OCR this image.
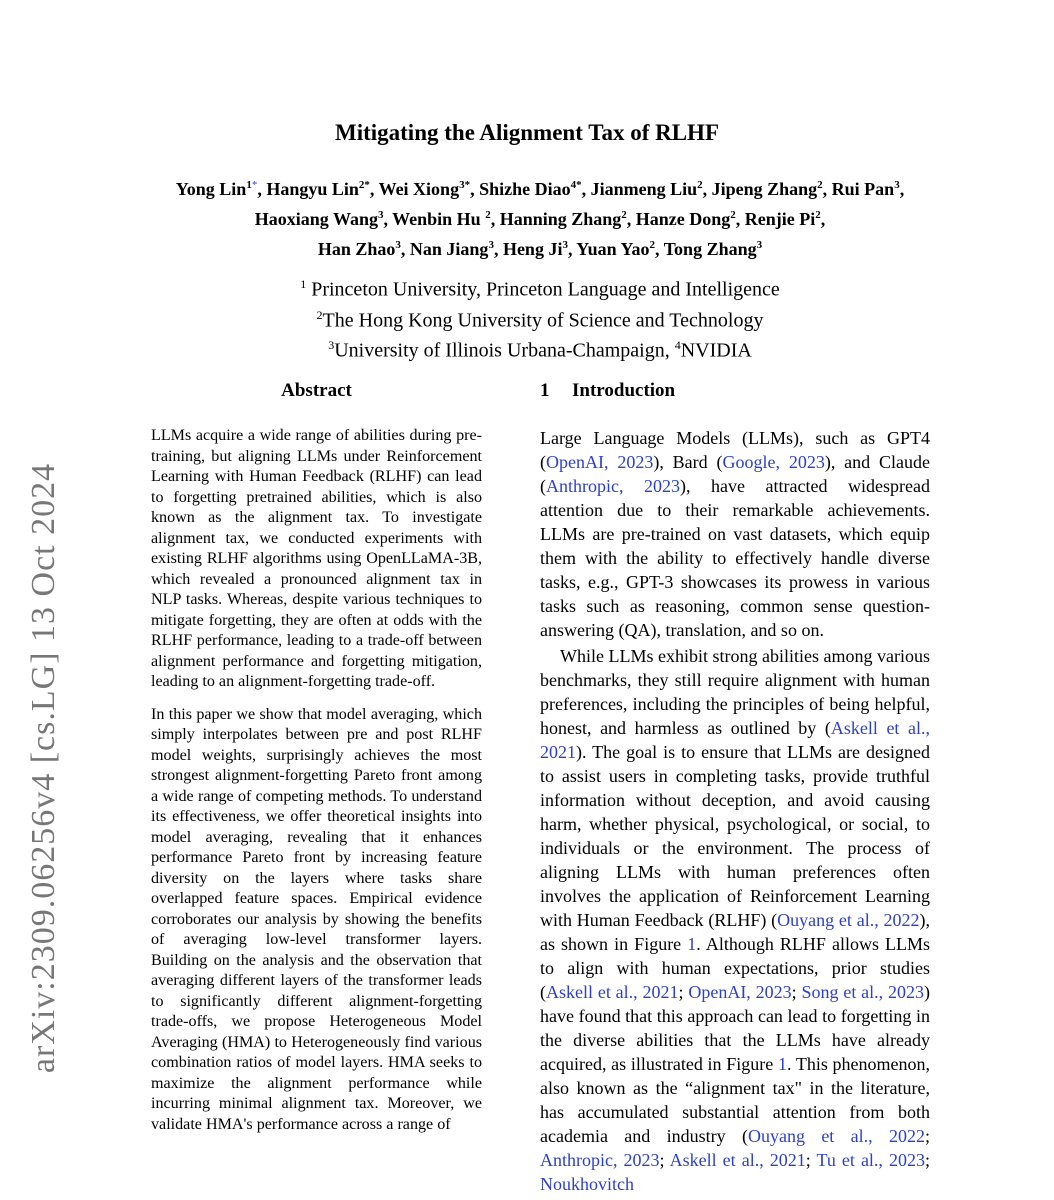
arXiv:2309.06256v4 [cs.LG] 13 Oct 2024
Mitigating the Alignment Tax of RLHF
Yong Lin$^{1*}$, Hangyu Lin$^{2*}$, Wei Xiong$^{3*}$, Shizhe Diao$^{4*}$, Jianmeng Liu$^2$, Jipeng Zhang$^2$, Rui Pan$^3$,
Haoxiang Wang$^3$, Wenbin Hu $^2$, Hanning Zhang$^2$, Hanze Dong$^2$, Renjie Pi$^2$,
Han Zhao$^3$, Nan Jiang$^3$, Heng Ji$^3$, Yuan Yao$^2$, Tong Zhang$^3$
$^1$ Princeton University, Princeton Language and Intelligence
$^2$The Hong Kong University of Science and Technology
$^3$University of Illinois Urbana-Champaign, $^4$NVIDIA
Abstract

LLMs acquire a wide range of abilities during pre-training, but aligning LLMs under Reinforcement Learning with Human Feedback (RLHF) can lead to forgetting pretrained abilities, which is also known as the alignment tax. To investigate alignment tax, we conducted experiments with existing RLHF algorithms using OpenLLaMA-3B, which revealed a pronounced alignment tax in NLP tasks. Whereas, despite various techniques to mitigate forgetting, they are often at odds with the RLHF performance, leading to a trade-off between alignment performance and forgetting mitigation, leading to an alignment-forgetting trade-off.

In this paper we show that model averaging, which simply interpolates between pre and post RLHF model weights, surprisingly achieves the most strongest alignment-forgetting Pareto front among a wide range of competing methods. To understand its effectiveness, we offer theoretical insights into model averaging, revealing that it enhances performance Pareto front by increasing feature diversity on the layers where tasks share overlapped feature spaces. Empirical evidence corroborates our analysis by showing the benefits of averaging low-level transformer layers. Building on the analysis and the observation that averaging different layers of the transformer leads to significantly different alignment-forgetting trade-offs, we propose Heterogeneous Model Averaging (HMA) to Heterogeneously find various combination ratios of model layers. HMA seeks to maximize the alignment performance while incurring minimal alignment tax. Moreover, we validate HMA's performance across a range of

1 Introduction

Large Language Models (LLMs), such as GPT4 (OpenAI, 2023), Bard (Google, 2023), and Claude (Anthropic, 2023), have attracted widespread attention due to their remarkable achievements. LLMs are pre-trained on vast datasets, which equip them with the ability to effectively handle diverse tasks, e.g., GPT-3 showcases its prowess in various tasks such as reasoning, common sense question-answering (QA), translation, and so on.

While LLMs exhibit strong abilities among various benchmarks, they still require alignment with human preferences, including the principles of being helpful, honest, and harmless as outlined by (Askell et al., 2021). The goal is to ensure that LLMs are designed to assist users in completing tasks, provide truthful information without deception, and avoid causing harm, whether physical, psychological, or social, to individuals or the environment. The process of aligning LLMs with human preferences often involves the application of Reinforcement Learning with Human Feedback (RLHF) (Ouyang et al., 2022), as shown in Figure 1. Although RLHF allows LLMs to align with human expectations, prior studies (Askell et al., 2021; OpenAI, 2023; Song et al., 2023) have found that this approach can lead to forgetting in the diverse abilities that the LLMs have already acquired, as illustrated in Figure 1. This phenomenon, also known as the “alignment tax" in the literature, has accumulated substantial attention from both academia and industry (Ouyang et al., 2022; Anthropic, 2023; Askell et al., 2021; Tu et al., 2023; Noukhovitch
